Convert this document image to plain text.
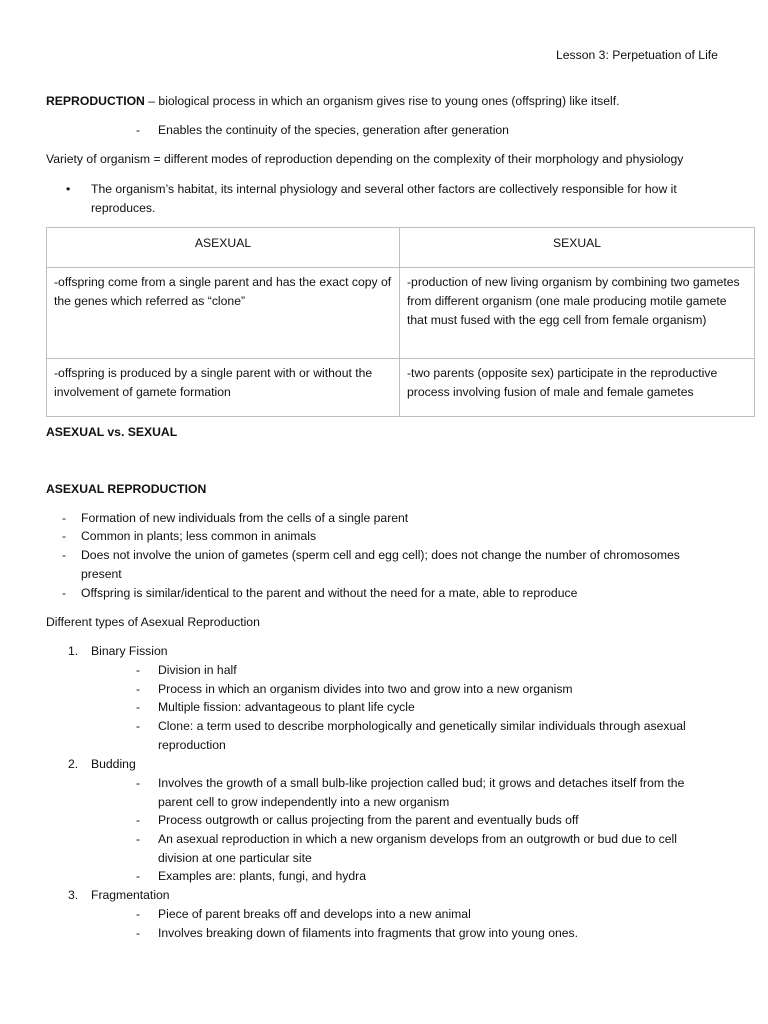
Lesson 3: Perpetuation of Life
REPRODUCTION – biological process in which an organism gives rise to young ones (offspring) like itself.
- Enables the continuity of the species, generation after generation
Variety of organism = different modes of reproduction depending on the complexity of their morphology and physiology
• The organism’s habitat, its internal physiology and several other factors are collectively responsible for how it
reproduces.
ASEXUAL	SEXUAL
-offspring come from a single parent and has the exact copy of the genes which referred as “clone”	-production of new living organism by combining two gametes from different organism (one male producing motile gamete that must fused with the egg cell from female organism)
-offspring is produced by a single parent with or without the involvement of gamete formation	-two parents (opposite sex) participate in the reproductive process involving fusion of male and female gametes
ASEXUAL vs. SEXUAL
ASEXUAL REPRODUCTION
- Formation of new individuals from the cells of a single parent
- Common in plants; less common in animals
- Does not involve the union of gametes (sperm cell and egg cell); does not change the number of chromosomes
present
- Offspring is similar/identical to the parent and without the need for a mate, able to reproduce
Different types of Asexual Reproduction
1. Binary Fission
- Division in half
- Process in which an organism divides into two and grow into a new organism
- Multiple fission: advantageous to plant life cycle
- Clone: a term used to describe morphologically and genetically similar individuals through asexual
reproduction
2. Budding
- Involves the growth of a small bulb-like projection called bud; it grows and detaches itself from the
parent cell to grow independently into a new organism
- Process outgrowth or callus projecting from the parent and eventually buds off
- An asexual reproduction in which a new organism develops from an outgrowth or bud due to cell
division at one particular site
- Examples are: plants, fungi, and hydra
3. Fragmentation
- Piece of parent breaks off and develops into a new animal
- Involves breaking down of filaments into fragments that grow into young ones.
